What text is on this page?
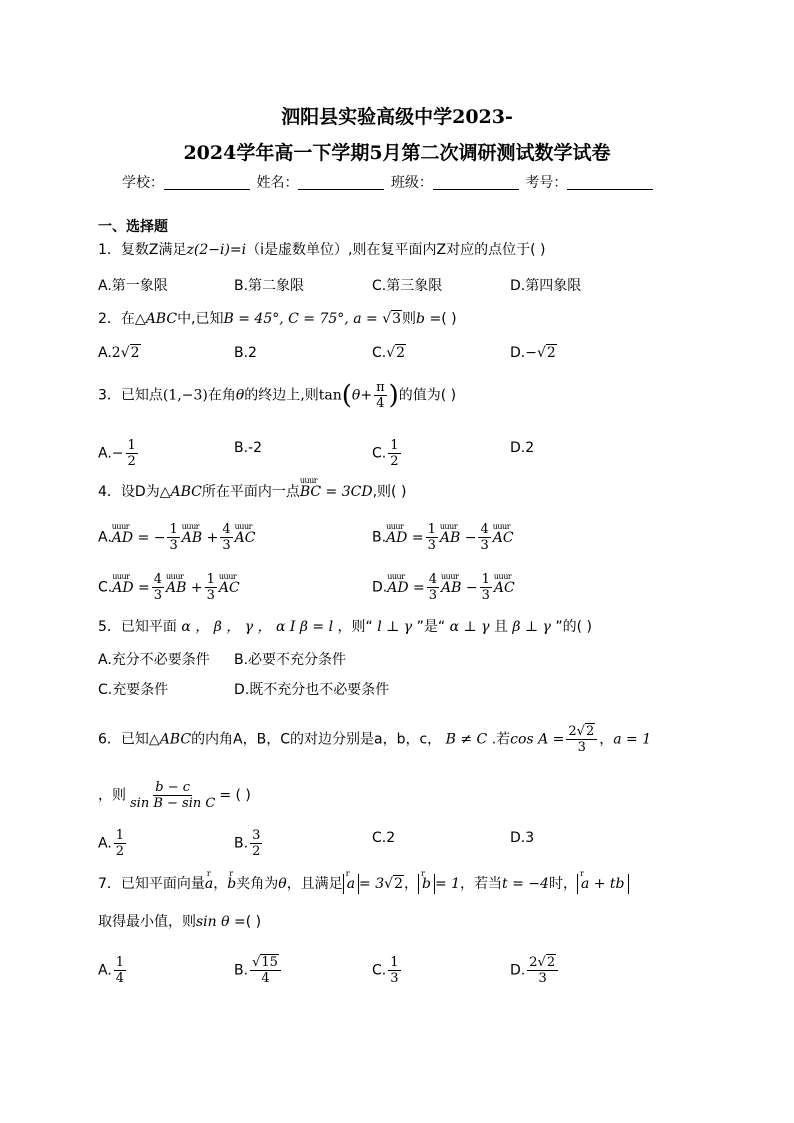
泗阳县实验高级中学2023-
2024学年高一下学期5月第二次调研测试数学试卷
学校：	姓名：	班级：	考号：
一、选择题
1．复数Z满足z(2−i)=i（i是虚数单位）,则在复平面内Z对应的点位于( )
A.第一象限	B.第二象限	C.第三象限	D.第四象限
2．在△ABC中,已知B = 45°, C = 75°, a = √3则b =( )
A.2√2	B.2	C.√2	D.−√2
3．已知点(1,−3)在角θ的终边上,则$\tan(\theta+ \frac{\pi}{4}$ )的值为( )
$A.- \frac{1}{2}$	B.-2	C. $\frac{1}{2}$	D.2
4．设D为△ABC所在平面内一点uuur BC = 3CD,则( )
A.uuur AD = − $\frac{1}{3}$ uuur AB + $\frac{4}{3}$ uuur AC	B.uuur AD = $\frac{1}{3}$ uuur AB − $\frac{4}{3}$ uuur AC
C.uuur AD = $\frac{4}{3}$ uuur AB + $\frac{1}{3}$ uuur AC	D.uuur AD = $\frac{4}{3}$ uuur AB − $\frac{1}{3}$ uuur AC
5．已知平面 α ， β ， γ ， α I β = l ，则“ l ⊥ γ ”是“ α ⊥ γ 且 β ⊥ γ ”的( )
A.充分不必要条件 B.必要不充分条件
C.充要条件	D.既不充分也不必要条件
6．已知△ABC的内角A，B，C的对边分别是a，b，c， B ≠ C .若$\cos A = \frac{2√2}{3}$ ，a = 1
，则 $\frac{b - c}{\text{sin B − sin C}}$ = ( )
A. $\frac{1}{2}$	B. $\frac{3}{2}$	C.2	D.3
7．已知平面向量r a，r b夹角为θ，且满足 r a = 3√2， r b = 1，若当t = −4时， r a + tb
取得最小值，则sin θ =( )
A. $\frac{1}{4}$	B. $\frac{√15}{4}$	C. $\frac{1}{3}$	D. $\frac{2√2}{3}$
